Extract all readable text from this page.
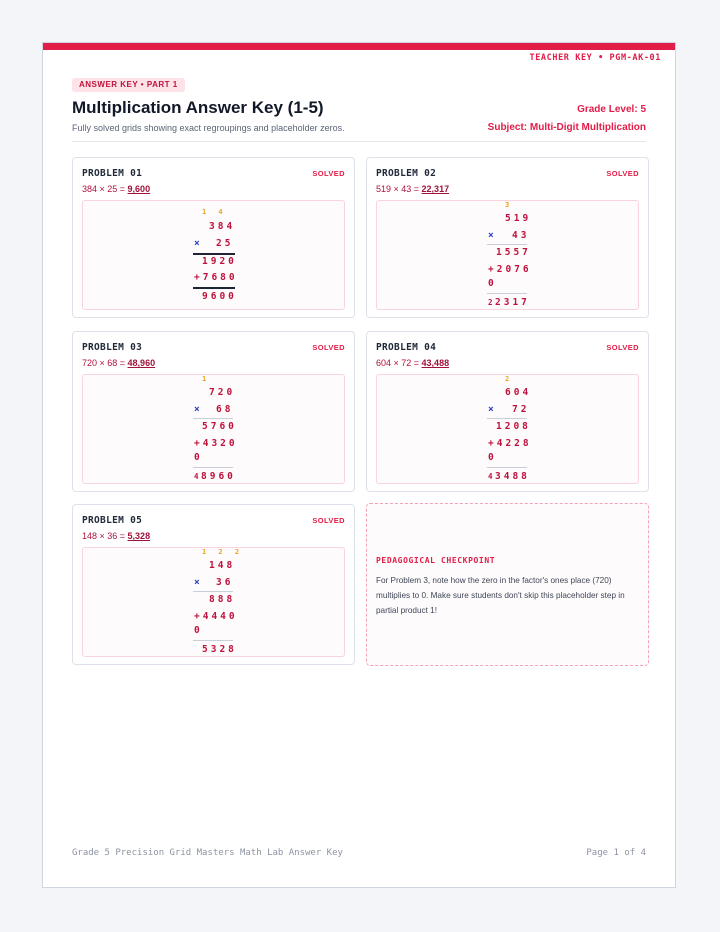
TEACHER KEY • PGM-AK-01
ANSWER KEY • PART 1
Multiplication Answer Key (1-5)
Fully solved grids showing exact regroupings and placeholder zeros.
Grade Level: 5
Subject: Multi-Digit Multiplication
PROBLEM 01	SOLVED
384 × 25 = 9,600
1 4
384
× 25
1920
+7680
9600
PROBLEM 02	SOLVED
519 × 43 = 22,317
3
519
× 43
1557
+2076
0
2 2317
PROBLEM 03	SOLVED
720 × 68 = 48,960
1
720
× 68
5760
+4320
0
4 8960
PROBLEM 04	SOLVED
604 × 72 = 43,488
2
604
× 72
1208
+4228
0
4 3488
PROBLEM 05	SOLVED
148 × 36 = 5,328
1 2 2
148
× 36
888
+4440
0
5328
PEDAGOGICAL CHECKPOINT
For Problem 3, note how the zero in the factor's ones place (720) multiplies to 0. Make sure students don't skip this placeholder step in partial product 1!
Grade 5 Precision Grid Masters Math Lab Answer Key	Page 1 of 4
